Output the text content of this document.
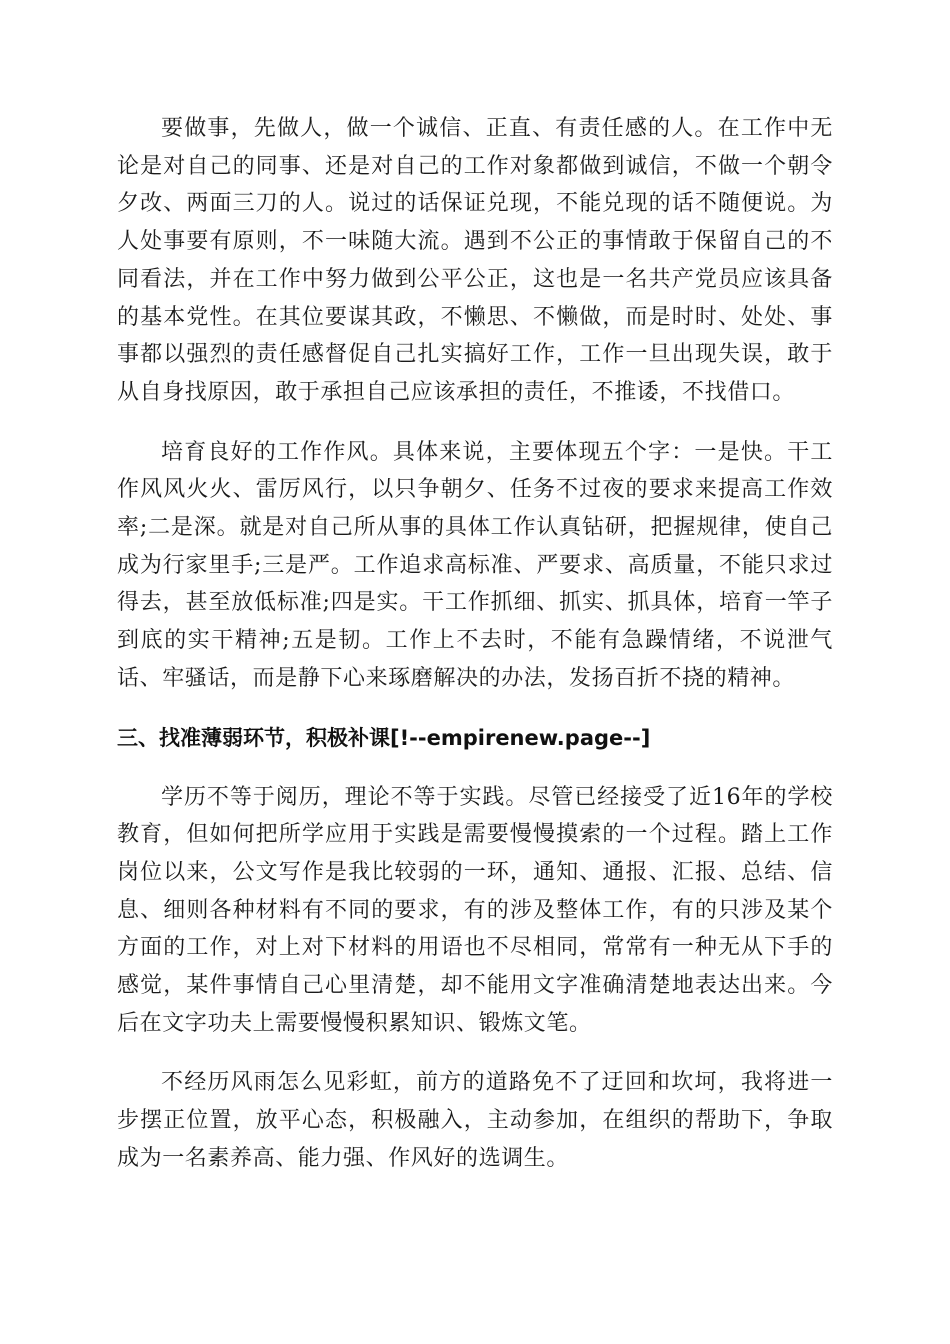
要做事，先做人，做一个诚信、正直、有责任感的人。在工作中无论是对自己的同事、还是对自己的工作对象都做到诚信，不做一个朝令夕改、两面三刀的人。说过的话保证兑现，不能兑现的话不随便说。为人处事要有原则，不一味随大流。遇到不公正的事情敢于保留自己的不同看法，并在工作中努力做到公平公正，这也是一名共产党员应该具备的基本党性。在其位要谋其政，不懒思、不懒做，而是时时、处处、事事都以强烈的责任感督促自己扎实搞好工作，工作一旦出现失误，敢于从自身找原因，敢于承担自己应该承担的责任，不推诿，不找借口。

培育良好的工作作风。具体来说，主要体现五个字：一是快。干工作风风火火、雷厉风行，以只争朝夕、任务不过夜的要求来提高工作效率;二是深。就是对自己所从事的具体工作认真钻研，把握规律，使自己成为行家里手;三是严。工作追求高标准、严要求、高质量，不能只求过得去，甚至放低标准;四是实。干工作抓细、抓实、抓具体，培育一竿子到底的实干精神;五是韧。工作上不去时，不能有急躁情绪，不说泄气话、牢骚话，而是静下心来琢磨解决的办法，发扬百折不挠的精神。

三、找准薄弱环节，积极补课[!--empirenew.page--]

学历不等于阅历，理论不等于实践。尽管已经接受了近16年的学校教育，但如何把所学应用于实践是需要慢慢摸索的一个过程。踏上工作岗位以来，公文写作是我比较弱的一环，通知、通报、汇报、总结、信息、细则各种材料有不同的要求，有的涉及整体工作，有的只涉及某个方面的工作，对上对下材料的用语也不尽相同，常常有一种无从下手的感觉，某件事情自己心里清楚，却不能用文字准确清楚地表达出来。今后在文字功夫上需要慢慢积累知识、锻炼文笔。

不经历风雨怎么见彩虹，前方的道路免不了迂回和坎坷，我将进一步摆正位置，放平心态，积极融入，主动参加，在组织的帮助下，争取成为一名素养高、能力强、作风好的选调生。
